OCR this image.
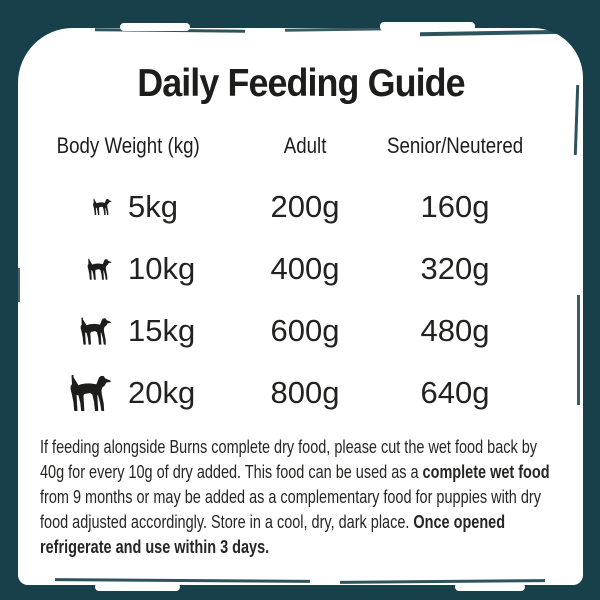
Daily Feeding Guide
Body Weight (kg)	Adult	Senior/Neutered
5kg	200g	160g
10kg	400g	320g
15kg	600g	480g
20kg	800g	640g
If feeding alongside Burns complete dry food, please cut the wet food back by 40g for every 10g of dry added. This food can be used as a complete wet food from 9 months or may be added as a complementary food for puppies with dry food adjusted accordingly. Store in a cool, dry, dark place. Once opened refrigerate and use within 3 days.
